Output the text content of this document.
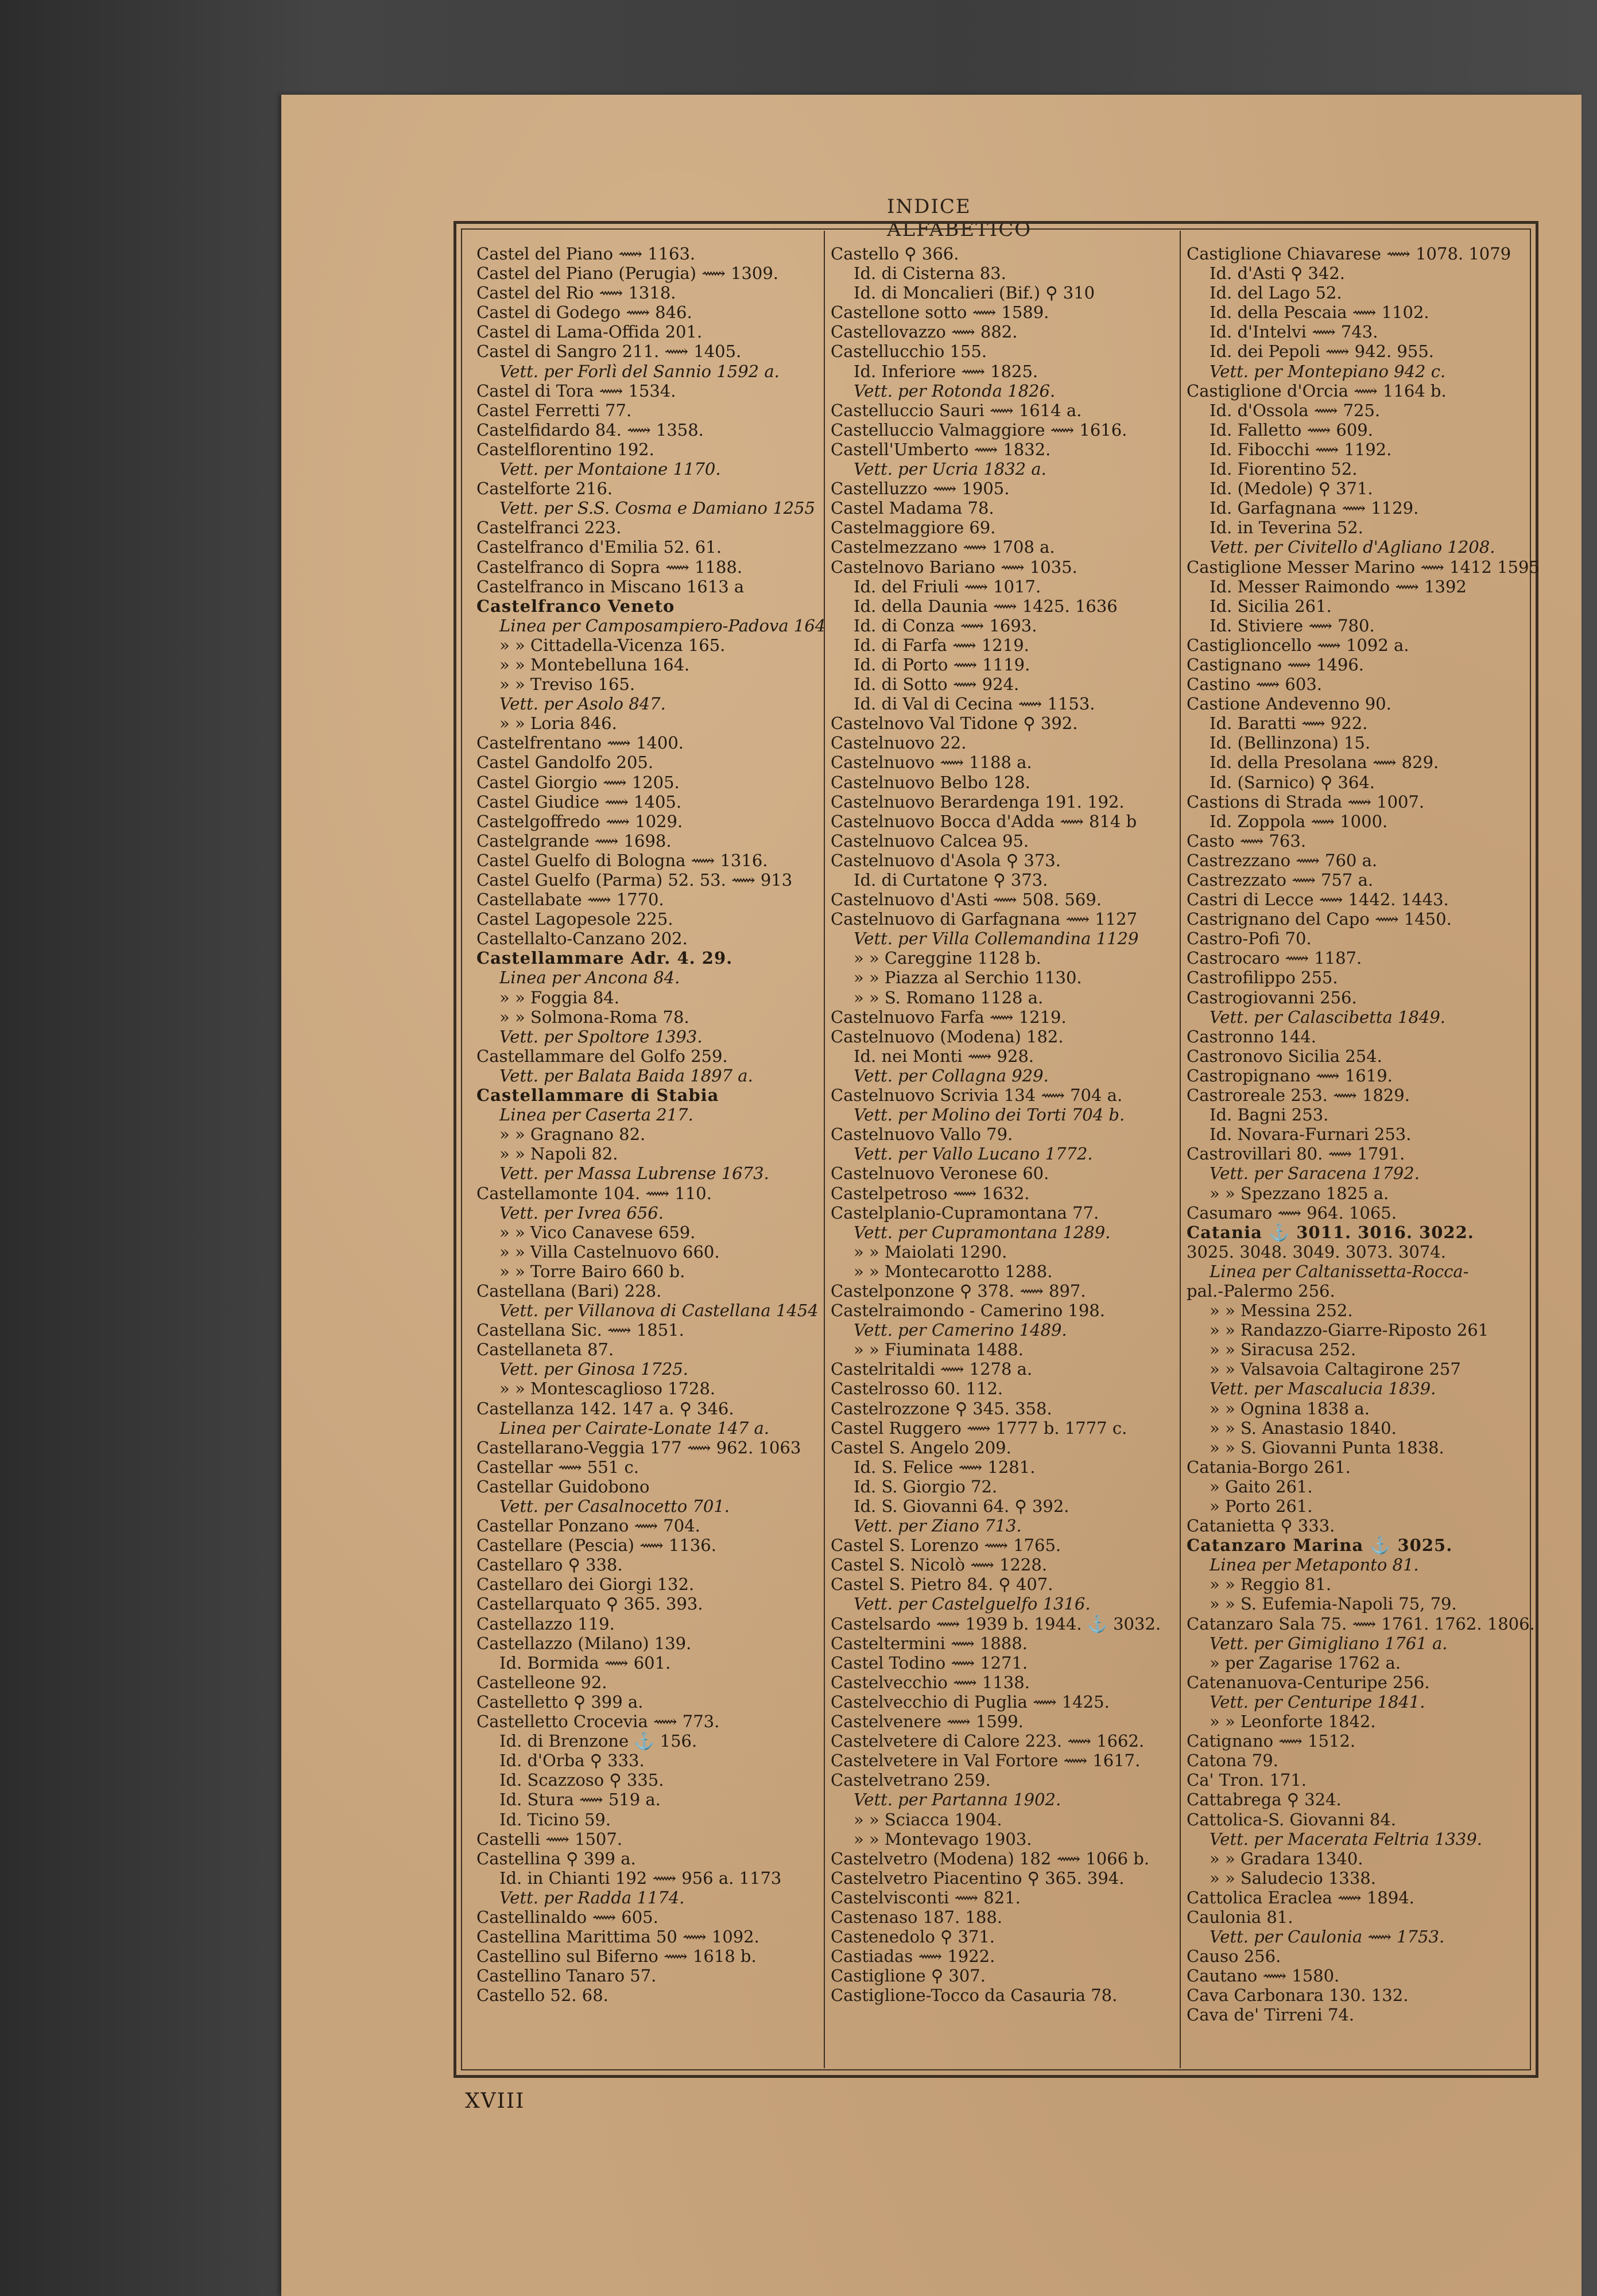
INDICE ALFABETICO
Castel del Piano ⟿ 1163.
Castel del Piano (Perugia) ⟿ 1309.
Castel del Rio ⟿ 1318.
Castel di Godego ⟿ 846.
Castel di Lama-Offida 201.
Castel di Sangro 211. ⟿ 1405.
Vett. per Forlì del Sannio 1592 a.
Castel di Tora ⟿ 1534.
Castel Ferretti 77.
Castelfidardo 84. ⟿ 1358.
Castelflorentino 192.
Vett. per Montaione 1170.
Castelforte 216.
Vett. per S.S. Cosma e Damiano 1255
Castelfranci 223.
Castelfranco d'Emilia 52. 61.
Castelfranco di Sopra ⟿ 1188.
Castelfranco in Miscano 1613 a
Castelfranco Veneto
Linea per Camposampiero-Padova 164
» » Cittadella-Vicenza 165.
» » Montebelluna 164.
» » Treviso 165.
Vett. per Asolo 847.
» » Loria 846.
Castelfrentano ⟿ 1400.
Castel Gandolfo 205.
Castel Giorgio ⟿ 1205.
Castel Giudice ⟿ 1405.
Castelgoffredo ⟿ 1029.
Castelgrande ⟿ 1698.
Castel Guelfo di Bologna ⟿ 1316.
Castel Guelfo (Parma) 52. 53. ⟿ 913
Castellabate ⟿ 1770.
Castel Lagopesole 225.
Castellalto-Canzano 202.
Castellammare Adr. 4. 29.
Linea per Ancona 84.
» » Foggia 84.
» » Solmona-Roma 78.
Vett. per Spoltore 1393.
Castellammare del Golfo 259.
Vett. per Balata Baida 1897 a.
Castellammare di Stabia
Linea per Caserta 217.
» » Gragnano 82.
» » Napoli 82.
Vett. per Massa Lubrense 1673.
Castellamonte 104. ⟿ 110.
Vett. per Ivrea 656.
» » Vico Canavese 659.
» » Villa Castelnuovo 660.
» » Torre Bairo 660 b.
Castellana (Bari) 228.
Vett. per Villanova di Castellana 1454
Castellana Sic. ⟿ 1851.
Castellaneta 87.
Vett. per Ginosa 1725.
» » Montescaglioso 1728.
Castellanza 142. 147 a. ⚲ 346.
Linea per Cairate-Lonate 147 a.
Castellarano-Veggia 177 ⟿ 962. 1063
Castellar ⟿ 551 c.
Castellar Guidobono
Vett. per Casalnocetto 701.
Castellar Ponzano ⟿ 704.
Castellare (Pescia) ⟿ 1136.
Castellaro ⚲ 338.
Castellaro dei Giorgi 132.
Castellarquato ⚲ 365. 393.
Castellazzo 119.
Castellazzo (Milano) 139.
Id. Bormida ⟿ 601.
Castelleone 92.
Castelletto ⚲ 399 a.
Castelletto Crocevia ⟿ 773.
Id. di Brenzone ⚓ 156.
Id. d'Orba ⚲ 333.
Id. Scazzoso ⚲ 335.
Id. Stura ⟿ 519 a.
Id. Ticino 59.
Castelli ⟿ 1507.
Castellina ⚲ 399 a.
Id. in Chianti 192 ⟿ 956 a. 1173
Vett. per Radda 1174.
Castellinaldo ⟿ 605.
Castellina Marittima 50 ⟿ 1092.
Castellino sul Biferno ⟿ 1618 b.
Castellino Tanaro 57.
Castello 52. 68.
Castello ⚲ 366.
Id. di Cisterna 83.
Id. di Moncalieri (Bif.) ⚲ 310
Castellone sotto ⟿ 1589.
Castellovazzo ⟿ 882.
Castellucchio 155.
Id. Inferiore ⟿ 1825.
Vett. per Rotonda 1826.
Castelluccio Sauri ⟿ 1614 a.
Castelluccio Valmaggiore ⟿ 1616.
Castell'Umberto ⟿ 1832.
Vett. per Ucria 1832 a.
Castelluzzo ⟿ 1905.
Castel Madama 78.
Castelmaggiore 69.
Castelmezzano ⟿ 1708 a.
Castelnovo Bariano ⟿ 1035.
Id. del Friuli ⟿ 1017.
Id. della Daunia ⟿ 1425. 1636
Id. di Conza ⟿ 1693.
Id. di Farfa ⟿ 1219.
Id. di Porto ⟿ 1119.
Id. di Sotto ⟿ 924.
Id. di Val di Cecina ⟿ 1153.
Castelnovo Val Tidone ⚲ 392.
Castelnuovo 22.
Castelnuovo ⟿ 1188 a.
Castelnuovo Belbo 128.
Castelnuovo Berardenga 191. 192.
Castelnuovo Bocca d'Adda ⟿ 814 b
Castelnuovo Calcea 95.
Castelnuovo d'Asola ⚲ 373.
Id. di Curtatone ⚲ 373.
Castelnuovo d'Asti ⟿ 508. 569.
Castelnuovo di Garfagnana ⟿ 1127
Vett. per Villa Collemandina 1129
» » Careggine 1128 b.
» » Piazza al Serchio 1130.
» » S. Romano 1128 a.
Castelnuovo Farfa ⟿ 1219.
Castelnuovo (Modena) 182.
Id. nei Monti ⟿ 928.
Vett. per Collagna 929.
Castelnuovo Scrivia 134 ⟿ 704 a.
Vett. per Molino dei Torti 704 b.
Castelnuovo Vallo 79.
Vett. per Vallo Lucano 1772.
Castelnuovo Veronese 60.
Castelpetroso ⟿ 1632.
Castelplanio-Cupramontana 77.
Vett. per Cupramontana 1289.
» » Maiolati 1290.
» » Montecarotto 1288.
Castelponzone ⚲ 378. ⟿ 897.
Castelraimondo - Camerino 198.
Vett. per Camerino 1489.
» » Fiuminata 1488.
Castelritaldi ⟿ 1278 a.
Castelrosso 60. 112.
Castelrozzone ⚲ 345. 358.
Castel Ruggero ⟿ 1777 b. 1777 c.
Castel S. Angelo 209.
Id. S. Felice ⟿ 1281.
Id. S. Giorgio 72.
Id. S. Giovanni 64. ⚲ 392.
Vett. per Ziano 713.
Castel S. Lorenzo ⟿ 1765.
Castel S. Nicolò ⟿ 1228.
Castel S. Pietro 84. ⚲ 407.
Vett. per Castelguelfo 1316.
Castelsardo ⟿ 1939 b. 1944. ⚓ 3032.
Casteltermini ⟿ 1888.
Castel Todino ⟿ 1271.
Castelvecchio ⟿ 1138.
Castelvecchio di Puglia ⟿ 1425.
Castelvenere ⟿ 1599.
Castelvetere di Calore 223. ⟿ 1662.
Castelvetere in Val Fortore ⟿ 1617.
Castelvetrano 259.
Vett. per Partanna 1902.
» » Sciacca 1904.
» » Montevago 1903.
Castelvetro (Modena) 182 ⟿ 1066 b.
Castelvetro Piacentino ⚲ 365. 394.
Castelvisconti ⟿ 821.
Castenaso 187. 188.
Castenedolo ⚲ 371.
Castiadas ⟿ 1922.
Castiglione ⚲ 307.
Castiglione-Tocco da Casauria 78.
Castiglione Chiavarese ⟿ 1078. 1079
Id. d'Asti ⚲ 342.
Id. del Lago 52.
Id. della Pescaia ⟿ 1102.
Id. d'Intelvi ⟿ 743.
Id. dei Pepoli ⟿ 942. 955.
Vett. per Montepiano 942 c.
Castiglione d'Orcia ⟿ 1164 b.
Id. d'Ossola ⟿ 725.
Id. Falletto ⟿ 609.
Id. Fibocchi ⟿ 1192.
Id. Fiorentino 52.
Id. (Medole) ⚲ 371.
Id. Garfagnana ⟿ 1129.
Id. in Teverina 52.
Vett. per Civitello d'Agliano 1208.
Castiglione Messer Marino ⟿ 1412 1595
Id. Messer Raimondo ⟿ 1392
Id. Sicilia 261.
Id. Stiviere ⟿ 780.
Castiglioncello ⟿ 1092 a.
Castignano ⟿ 1496.
Castino ⟿ 603.
Castione Andevenno 90.
Id. Baratti ⟿ 922.
Id. (Bellinzona) 15.
Id. della Presolana ⟿ 829.
Id. (Sarnico) ⚲ 364.
Castions di Strada ⟿ 1007.
Id. Zoppola ⟿ 1000.
Casto ⟿ 763.
Castrezzano ⟿ 760 a.
Castrezzato ⟿ 757 a.
Castri di Lecce ⟿ 1442. 1443.
Castrignano del Capo ⟿ 1450.
Castro-Pofi 70.
Castrocaro ⟿ 1187.
Castrofilippo 255.
Castrogiovanni 256.
Vett. per Calascibetta 1849.
Castronno 144.
Castronovo Sicilia 254.
Castropignano ⟿ 1619.
Castroreale 253. ⟿ 1829.
Id. Bagni 253.
Id. Novara-Furnari 253.
Castrovillari 80. ⟿ 1791.
Vett. per Saracena 1792.
» » Spezzano 1825 a.
Casumaro ⟿ 964. 1065.
Catania ⚓ 3011. 3016. 3022.
3025. 3048. 3049. 3073. 3074.
Linea per Caltanissetta-Rocca-
pal.-Palermo 256.
» » Messina 252.
» » Randazzo-Giarre-Riposto 261
» » Siracusa 252.
» » Valsavoia Caltagirone 257
Vett. per Mascalucia 1839.
» » Ognina 1838 a.
» » S. Anastasio 1840.
» » S. Giovanni Punta 1838.
Catania-Borgo 261.
» Gaito 261.
» Porto 261.
Catanietta ⚲ 333.
Catanzaro Marina ⚓ 3025.
Linea per Metaponto 81.
» » Reggio 81.
» » S. Eufemia-Napoli 75, 79.
Catanzaro Sala 75. ⟿ 1761. 1762. 1806.
Vett. per Gimigliano 1761 a.
» per Zagarise 1762 a.
Catenanuova-Centuripe 256.
Vett. per Centuripe 1841.
» » Leonforte 1842.
Catignano ⟿ 1512.
Catona 79.
Ca' Tron. 171.
Cattabrega ⚲ 324.
Cattolica-S. Giovanni 84.
Vett. per Macerata Feltria 1339.
» » Gradara 1340.
» » Saludecio 1338.
Cattolica Eraclea ⟿ 1894.
Caulonia 81.
Vett. per Caulonia ⟿ 1753.
Causo 256.
Cautano ⟿ 1580.
Cava Carbonara 130. 132.
Cava de' Tirreni 74.
XVIII
